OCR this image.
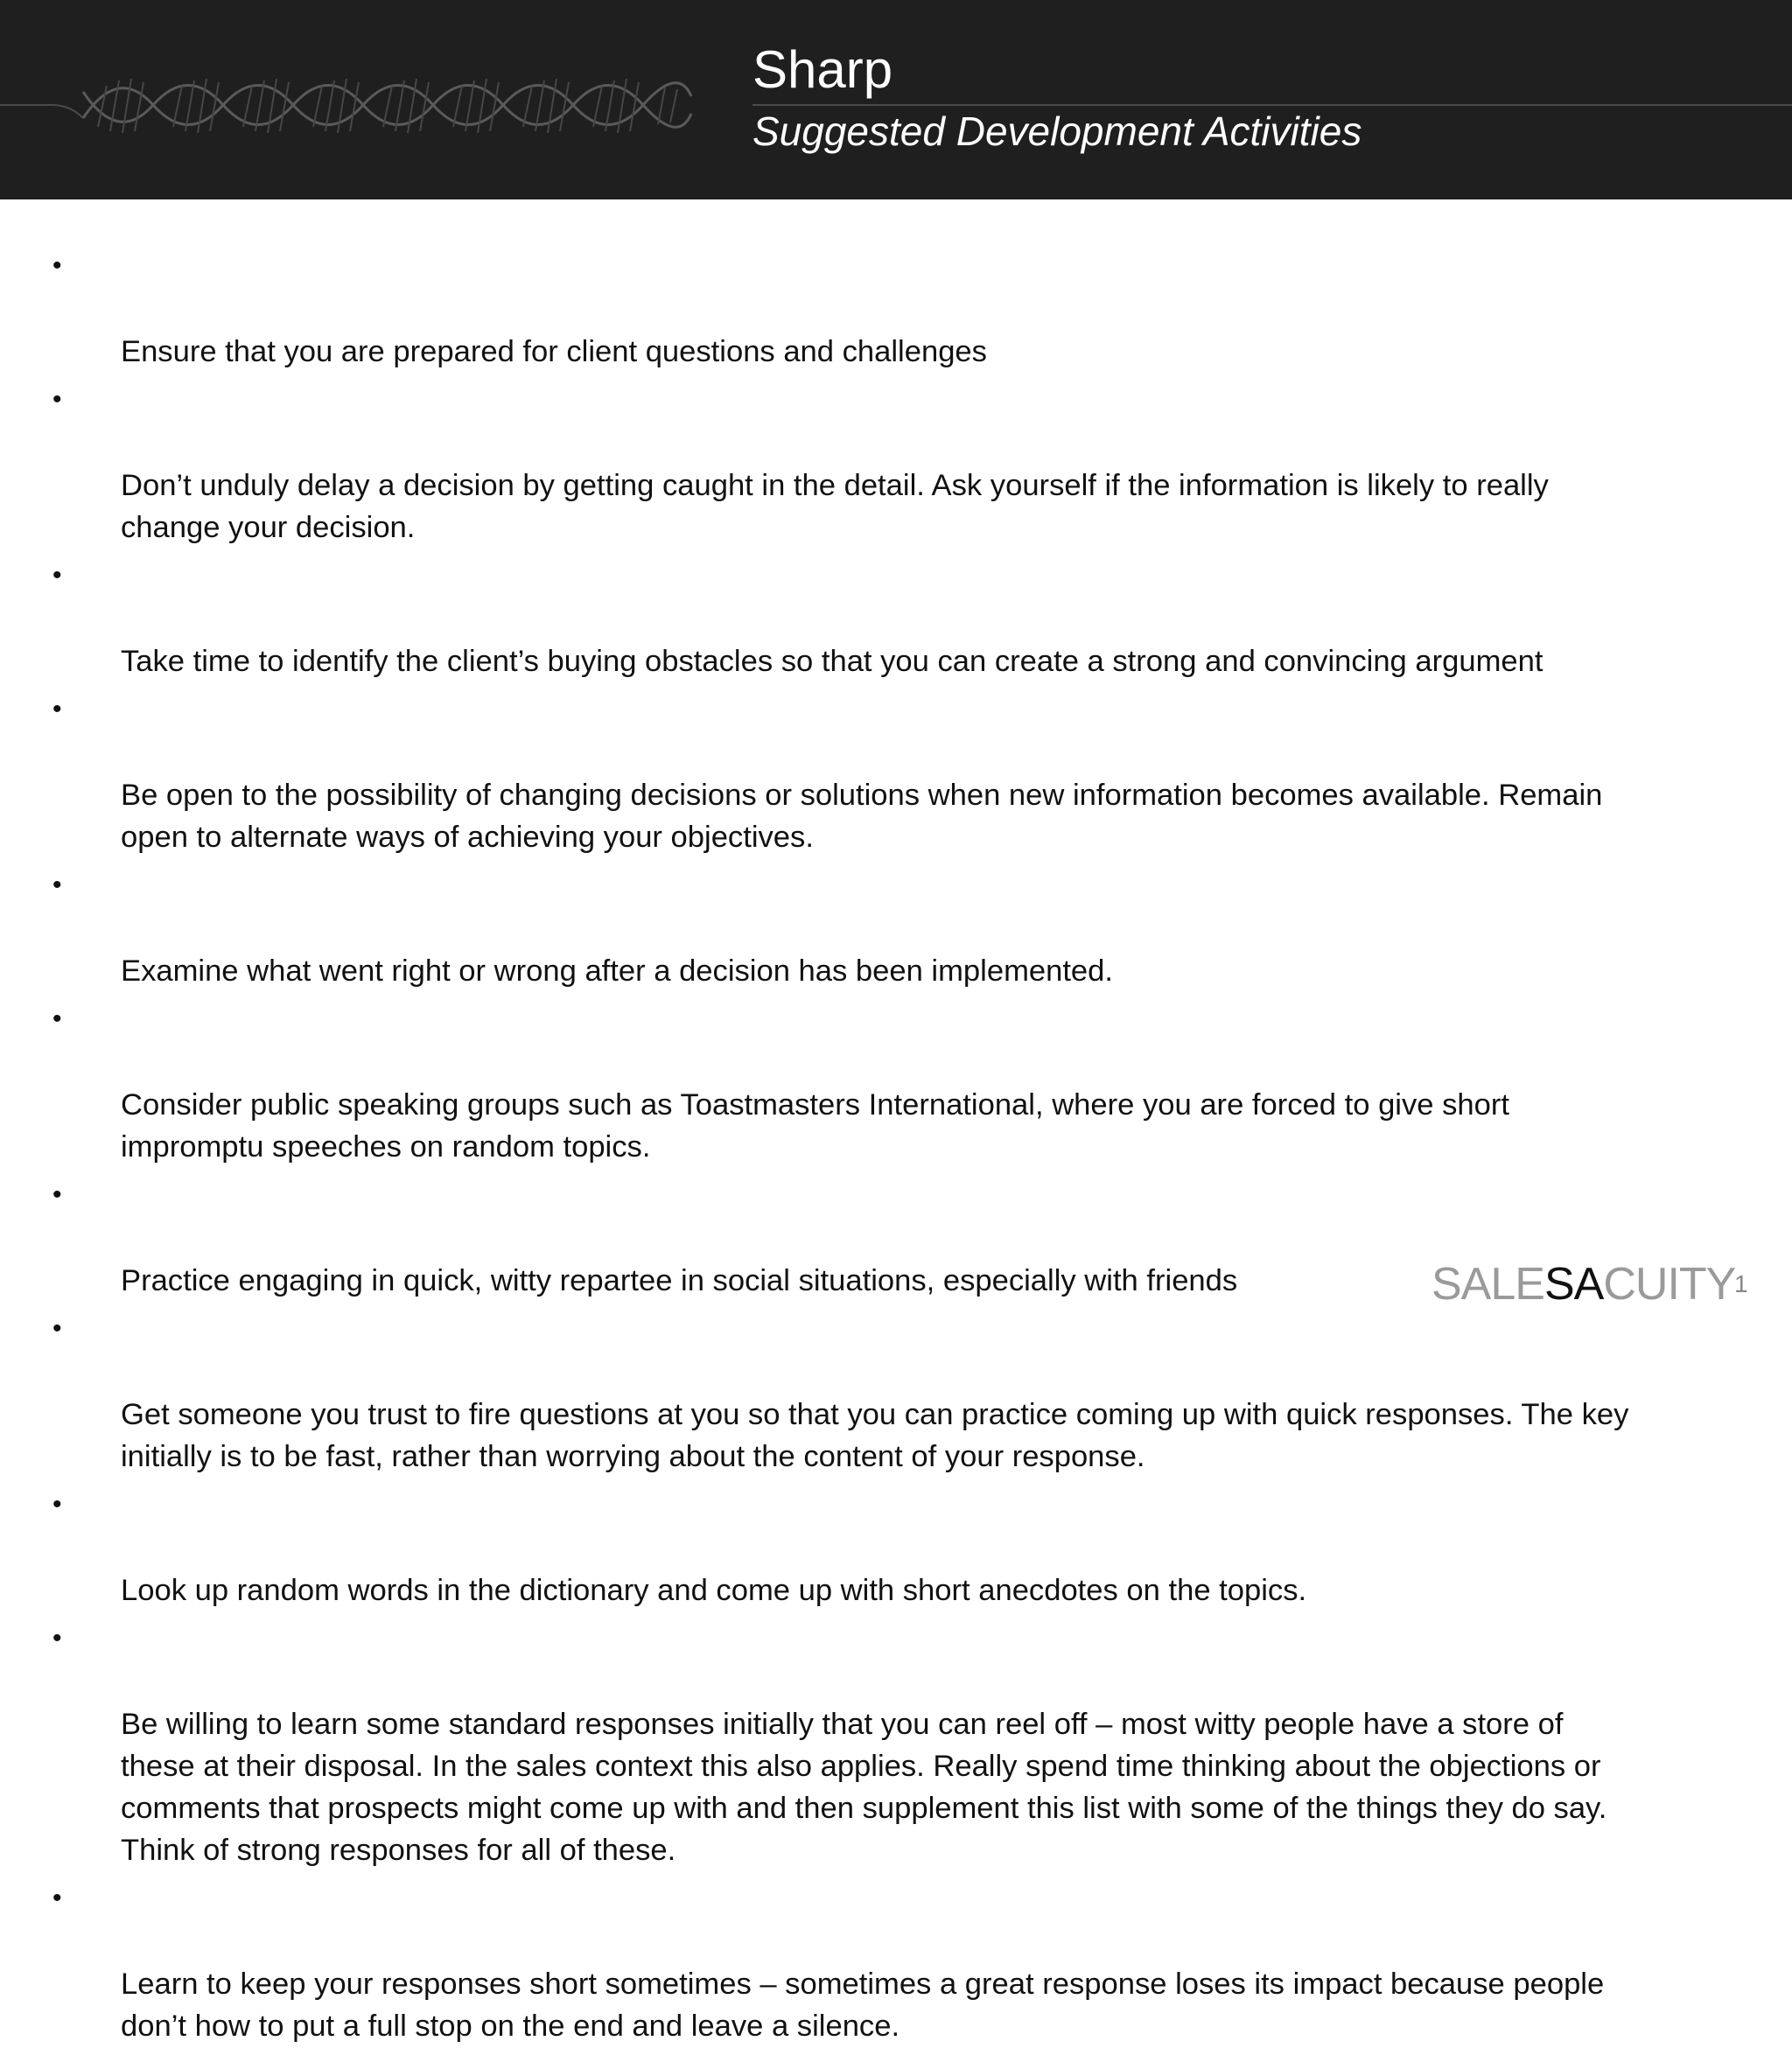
Sharp
Suggested Development Activities

•

Ensure that you are prepared for client questions and challenges

•

Don’t unduly delay a decision by getting caught in the detail. Ask yourself if the information is likely to really
change your decision.

•

Take time to identify the client’s buying obstacles so that you can create a strong and convincing argument

•

Be open to the possibility of changing decisions or solutions when new information becomes available. Remain
open to alternate ways of achieving your objectives.

•

Examine what went right or wrong after a decision has been implemented.

•

Consider public speaking groups such as Toastmasters International, where you are forced to give short
impromptu speeches on random topics.

•

Practice engaging in quick, witty repartee in social situations, especially with friends

•

Get someone you trust to fire questions at you so that you can practice coming up with quick responses. The key
initially is to be fast, rather than worrying about the content of your response.

•

Look up random words in the dictionary and come up with short anecdotes on the topics.

•

Be willing to learn some standard responses initially that you can reel off – most witty people have a store of
these at their disposal. In the sales context this also applies. Really spend time thinking about the objections or
comments that prospects might come up with and then supplement this list with some of the things they do say.
Think of strong responses for all of these.

•

Learn to keep your responses short sometimes – sometimes a great response loses its impact because people
don’t how to put a full stop on the end and leave a silence.

SALESACUITY
1
